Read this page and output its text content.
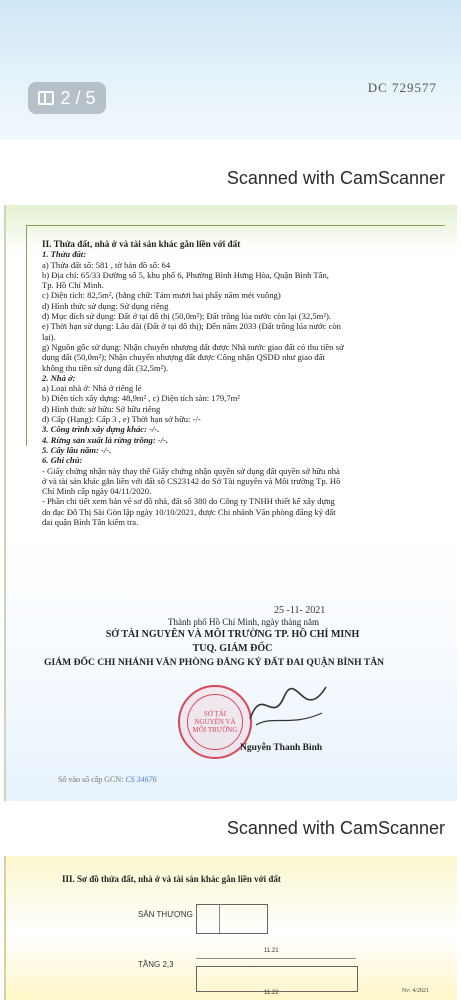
2 / 5	DC 729577
Scanned with CamScanner
II. Thửa đất, nhà ở và tài sản khác gắn liền với đất
1. Thửa đất:
a) Thửa đất số: 581 , tờ bản đồ số: 64
b) Địa chỉ: 65/33 Đường số 5, khu phố 6, Phường Bình Hưng Hòa, Quận Bình Tân,
Tp. Hồ Chí Minh.
c) Diện tích: 82,5m², (bằng chữ: Tám mươi hai phẩy năm mét vuông)
d) Hình thức sử dụng: Sử dụng riêng
đ) Mục đích sử dụng: Đất ở tại đô thị (50,0m²); Đất trồng lúa nước còn lại (32,5m²).
e) Thời hạn sử dụng: Lâu dài (Đất ở tại đô thị); Đến năm 2033 (Đất trồng lúa nước còn
lại).
g) Nguồn gốc sử dụng: Nhận chuyển nhượng đất được Nhà nước giao đất có thu tiền sử
dụng đất (50,0m²); Nhận chuyển nhượng đất được Công nhận QSDĐ như giao đất
không thu tiền sử dụng đất (32,5m²).
2. Nhà ở:
a) Loại nhà ở: Nhà ở riêng lẻ
b) Diện tích xây dựng: 48,9m² , c) Diện tích sàn: 179,7m²
d) Hình thức sở hữu: Sở hữu riêng
đ) Cấp (Hạng): Cấp 3 , e) Thời hạn sở hữu: -/-
3. Công trình xây dựng khác: -/-.
4. Rừng sản xuất là rừng trồng: -/-.
5. Cây lâu năm: -/-.
6. Ghi chú:
- Giấy chứng nhận này thay thế Giấy chứng nhận quyền sử dụng đất quyền sở hữu nhà
ở và tài sản khác gắn liền với đất số CS23142 do Sở Tài nguyên và Môi trường Tp. Hồ
Chí Minh cấp ngày 04/11/2020.
- Phần chi tiết xem bản vẽ sơ đồ nhà, đất số 380 do Công ty TNHH thiết kế xây dựng
do đạc Đô Thị Sài Gòn lập ngày 10/10/2021, được Chi nhánh Văn phòng đăng ký đất
đai quận Bình Tân kiểm tra.
25 -11- 2021
Thành phố Hồ Chí Minh, ngày tháng năm
SỞ TÀI NGUYÊN VÀ MÔI TRƯỜNG TP. HỒ CHÍ MINH
TUQ. GIÁM ĐỐC
GIÁM ĐỐC CHI NHÁNH VĂN PHÒNG ĐĂNG KÝ ĐẤT ĐAI QUẬN BÌNH TÂN
SỞ TÀI NGUYÊN VÀ MÔI TRƯỜNG
Nguyễn Thanh Bình
Số vào sổ cấp GCN: CS 34676
Scanned with CamScanner
III. Sơ đồ thửa đất, nhà ở và tài sản khác gắn liền với đất
SÂN THƯỢNG
TẦNG 2,3
11.21
11.22	Nv: 4/2021
